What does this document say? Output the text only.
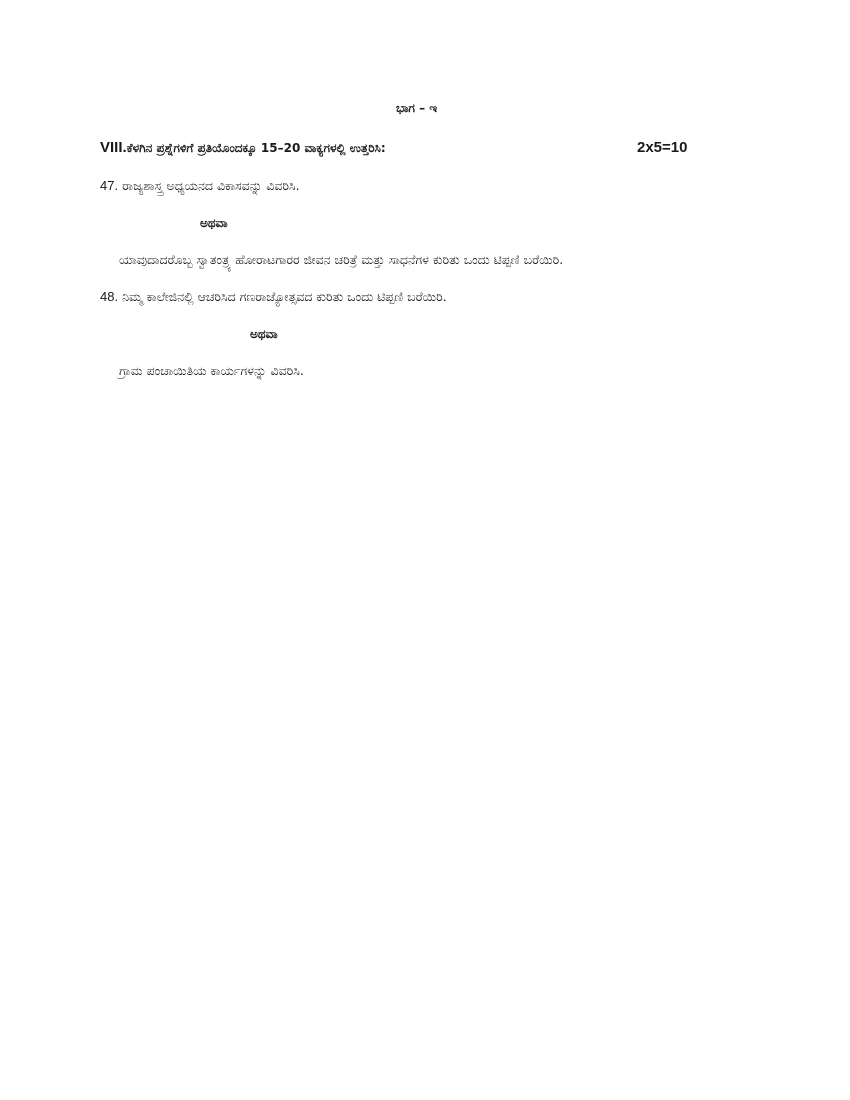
ಭಾಗ – ಇ
VIII.ಕೆಳಗಿನ ಪ್ರಶ್ನೆಗಳಿಗೆ ಪ್ರತಿಯೊಂದಕ್ಕೂ 15–20 ವಾಕ್ಯಗಳಲ್ಲಿ ಉತ್ತರಿಸಿ:	2x5=10
47. ರಾಜ್ಯಶಾಸ್ತ್ರ ಅಧ್ಯಯನದ ವಿಕಾಸವನ್ನು ವಿವರಿಸಿ.
ಅಥವಾ
ಯಾವುದಾದರೊಬ್ಬ ಸ್ವಾತಂತ್ರ್ಯ ಹೋರಾಟಗಾರರ ಜೀವನ ಚರಿತ್ರೆ ಮತ್ತು ಸಾಧನೆಗಳ ಕುರಿತು ಒಂದು ಟಿಪ್ಪಣಿ ಬರೆಯಿರಿ.
48. ನಿಮ್ಮ ಕಾಲೇಜಿನಲ್ಲಿ ಆಚರಿಸಿದ ಗಣರಾಜ್ಯೋತ್ಸವದ ಕುರಿತು ಒಂದು ಟಿಪ್ಪಣಿ ಬರೆಯಿರಿ.
ಅಥವಾ
ಗ್ರಾಮ ಪಂಚಾಯಿತಿಯ ಕಾರ್ಯಗಳನ್ನು ವಿವರಿಸಿ.
